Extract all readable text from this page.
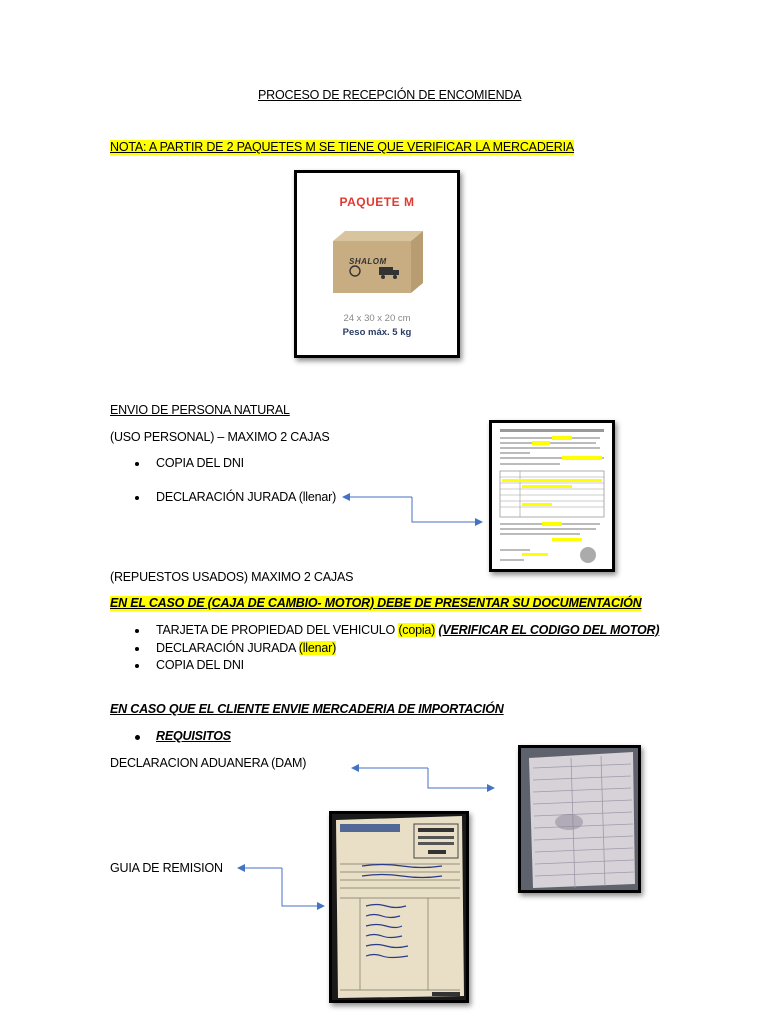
PROCESO DE RECEPCIÓN DE ENCOMIENDA
NOTA: A PARTIR DE 2 PAQUETES M SE TIENE QUE VERIFICAR LA MERCADERIA
PAQUETE M
SHALOM
24 x 30 x 20 cm
Peso máx. 5 kg
ENVIO DE PERSONA NATURAL
(USO PERSONAL) – MAXIMO 2 CAJAS
COPIA DEL DNI
DECLARACIÓN JURADA (llenar)
(REPUESTOS USADOS) MAXIMO 2 CAJAS
EN EL CASO DE (CAJA DE CAMBIO- MOTOR) DEBE DE PRESENTAR SU DOCUMENTACIÓN
TARJETA DE PROPIEDAD DEL VEHICULO (copia) (VERIFICAR EL CODIGO DEL MOTOR)
DECLARACIÓN JURADA (llenar)
COPIA DEL DNI
EN CASO QUE EL CLIENTE ENVIE MERCADERIA DE IMPORTACIÓN
REQUISITOS
DECLARACION ADUANERA (DAM)
GUIA DE REMISION
